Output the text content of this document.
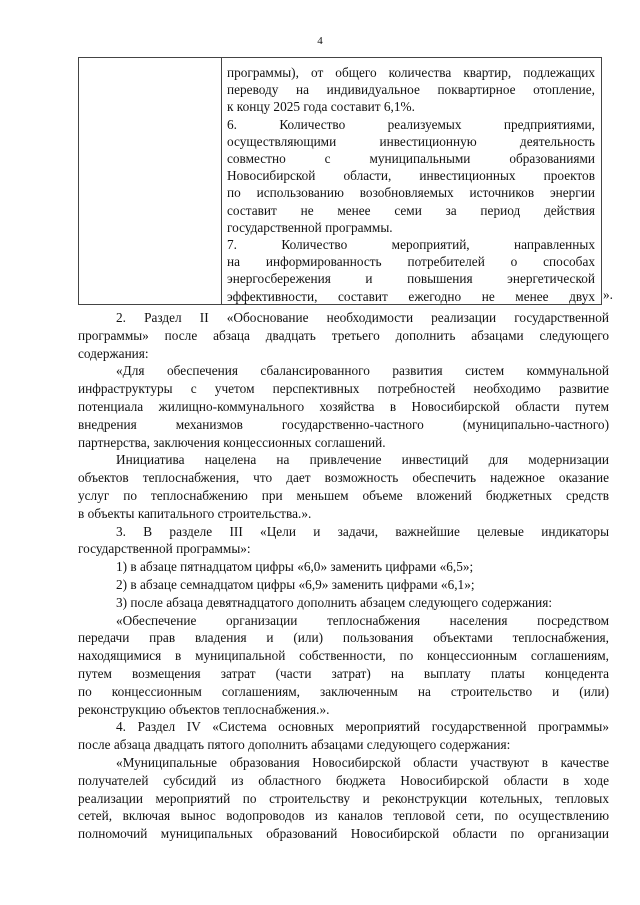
4
программы), от общего количества квартир, подлежащих
переводу на индивидуальное поквартирное отопление,
к концу 2025 года составит 6,1%.
6. Количество реализуемых предприятиями,
осуществляющими инвестиционную деятельность
совместно с муниципальными образованиями
Новосибирской области, инвестиционных проектов
по использованию возобновляемых источников энергии
составит не менее семи за период действия
государственной программы.
7. Количество мероприятий, направленных
на информированность потребителей о способах
энергосбережения и повышения энергетической
эффективности, составит ежегодно не менее двух ».
2. Раздел II «Обоснование необходимости реализации государственной
программы» после абзаца двадцать третьего дополнить абзацами следующего
содержания:
«Для обеспечения сбалансированного развития систем коммунальной
инфраструктуры с учетом перспективных потребностей необходимо развитие
потенциала жилищно-коммунального хозяйства в Новосибирской области путем
внедрения механизмов государственно-частного (муниципально-частного)
партнерства, заключения концессионных соглашений.
Инициатива нацелена на привлечение инвестиций для модернизации
объектов теплоснабжения, что дает возможность обеспечить надежное оказание
услуг по теплоснабжению при меньшем объеме вложений бюджетных средств
в объекты капитального строительства.».
3. В разделе III «Цели и задачи, важнейшие целевые индикаторы
государственной программы»:
1) в абзаце пятнадцатом цифры «6,0» заменить цифрами «6,5»;
2) в абзаце семнадцатом цифры «6,9» заменить цифрами «6,1»;
3) после абзаца девятнадцатого дополнить абзацем следующего содержания:
«Обеспечение организации теплоснабжения населения посредством
передачи прав владения и (или) пользования объектами теплоснабжения,
находящимися в муниципальной собственности, по концессионным соглашениям,
путем возмещения затрат (части затрат) на выплату платы концедента
по концессионным соглашениям, заключенным на строительство и (или)
реконструкцию объектов теплоснабжения.».
4. Раздел IV «Система основных мероприятий государственной программы»
после абзаца двадцать пятого дополнить абзацами следующего содержания:
«Муниципальные образования Новосибирской области участвуют в качестве
получателей субсидий из областного бюджета Новосибирской области в ходе
реализации мероприятий по строительству и реконструкции котельных, тепловых
сетей, включая вынос водопроводов из каналов тепловой сети, по осуществлению
полномочий муниципальных образований Новосибирской области по организации
